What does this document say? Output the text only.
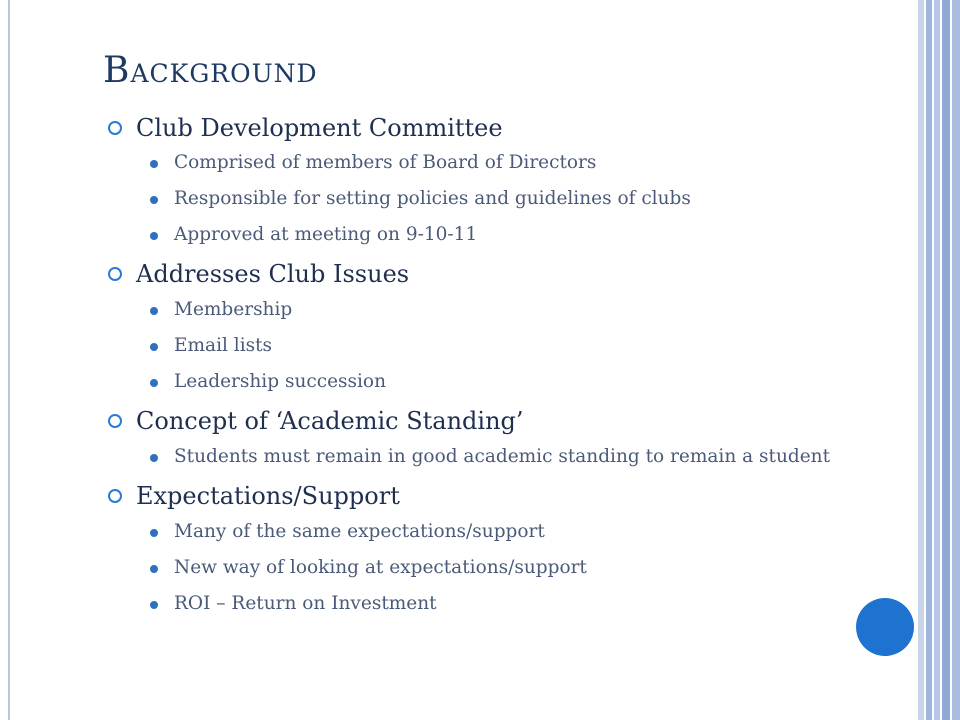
Background
Club Development Committee
Comprised of members of Board of Directors
Responsible for setting policies and guidelines of clubs
Approved at meeting on 9-10-11
Addresses Club Issues
Membership
Email lists
Leadership succession
Concept of ‘Academic Standing’
Students must remain in good academic standing to remain a student
Expectations/Support
Many of the same expectations/support
New way of looking at expectations/support
ROI – Return on Investment
